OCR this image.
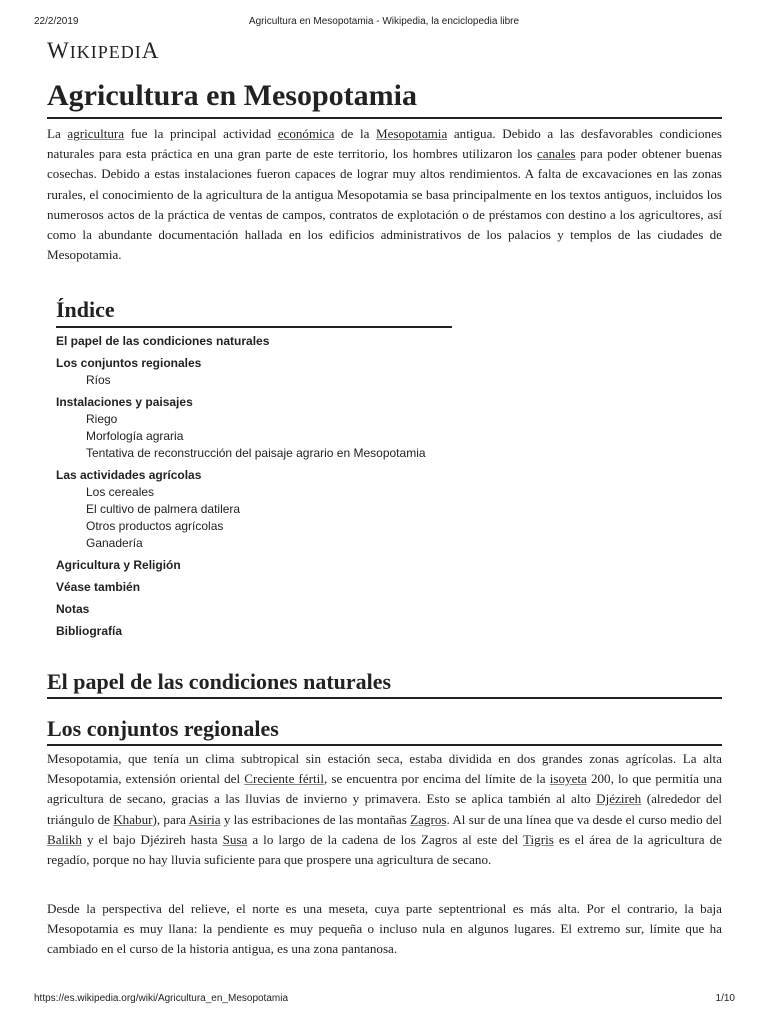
22/2/2019	Agricultura en Mesopotamia - Wikipedia, la enciclopedia libre
WIKIPEDIA
Agricultura en Mesopotamia

La agricultura fue la principal actividad económica de la Mesopotamia antigua. Debido a las desfavorables condiciones naturales para esta práctica en una gran parte de este territorio, los hombres utilizaron los canales para poder obtener buenas cosechas. Debido a estas instalaciones fueron capaces de lograr muy altos rendimientos. A falta de excavaciones en las zonas rurales, el conocimiento de la agricultura de la antigua Mesopotamia se basa principalmente en los textos antiguos, incluidos los numerosos actos de la práctica de ventas de campos, contratos de explotación o de préstamos con destino a los agricultores, así como la abundante documentación hallada en los edificios administrativos de los palacios y templos de las ciudades de Mesopotamia.

Índice
El papel de las condiciones naturales
Los conjuntos regionales
Ríos
Instalaciones y paisajes
Riego
Morfología agraria
Tentativa de reconstrucción del paisaje agrario en Mesopotamia
Las actividades agrícolas
Los cereales
El cultivo de palmera datilera
Otros productos agrícolas
Ganadería
Agricultura y Religión
Véase también
Notas
Bibliografía
El papel de las condiciones naturales
Los conjuntos regionales

Mesopotamia, que tenía un clima subtropical sin estación seca, estaba dividida en dos grandes zonas agrícolas. La alta Mesopotamia, extensión oriental del Creciente fértil, se encuentra por encima del límite de la isoyeta 200, lo que permitía una agricultura de secano, gracias a las lluvias de invierno y primavera. Esto se aplica también al alto Djézireh (alrededor del triángulo de Khabur), para Asiria y las estribaciones de las montañas Zagros. Al sur de una línea que va desde el curso medio del Balikh y el bajo Djézireh hasta Susa a lo largo de la cadena de los Zagros al este del Tigris es el área de la agricultura de regadío, porque no hay lluvia suficiente para que prospere una agricultura de secano.

Desde la perspectiva del relieve, el norte es una meseta, cuya parte septentrional es más alta. Por el contrario, la baja Mesopotamia es muy llana: la pendiente es muy pequeña o incluso nula en algunos lugares. El extremo sur, límite que ha cambiado en el curso de la historia antigua, es una zona pantanosa.

https://es.wikipedia.org/wiki/Agricultura_en_Mesopotamia	1/10
